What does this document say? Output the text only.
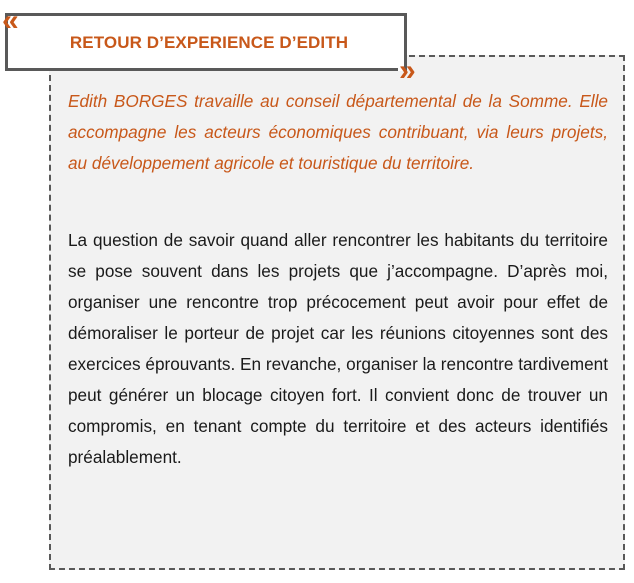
RETOUR D’EXPERIENCE D’EDITH
«
»

Edith BORGES travaille au conseil départemental de la Somme. Elle accompagne les acteurs économiques contribuant, via leurs projets, au développement agricole et touristique du territoire.

La question de savoir quand aller rencontrer les habitants du territoire se pose souvent dans les projets que j’accompagne. D’après moi, organiser une rencontre trop précocement peut avoir pour effet de démoraliser le porteur de projet car les réunions citoyennes sont des exercices éprouvants. En revanche, organiser la rencontre tardivement peut générer un blocage citoyen fort. Il convient donc de trouver un compromis, en tenant compte du territoire et des acteurs identifiés préalablement.
